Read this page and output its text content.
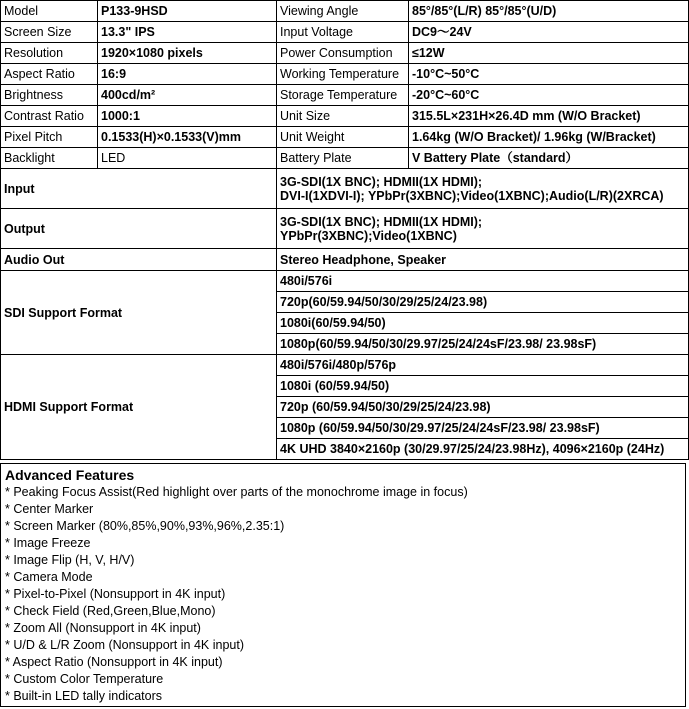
Model	P133-9HSD	Viewing Angle	85°/85°(L/R) 85°/85°(U/D)
Screen Size	13.3" IPS	Input Voltage	DC9～24V
Resolution	1920×1080 pixels	Power Consumption	≤12W
Aspect Ratio	16:9	Working Temperature	-10°C~50°C
Brightness	400cd/m²	Storage Temperature	-20°C~60°C
Contrast Ratio	1000:1	Unit Size	315.5L×231H×26.4D mm (W/O Bracket)
Pixel Pitch	0.1533(H)×0.1533(V)mm	Unit Weight	1.64kg (W/O Bracket)/ 1.96kg (W/Bracket)
Backlight	LED	Battery Plate	V Battery Plate（standard）
Input		3G-SDI(1X BNC); HDMII(1X HDMI);
DVI-I(1XDVI-I); YPbPr(3XBNC);Video(1XBNC);Audio(L/R)(2XRCA)	

Output		3G-SDI(1X BNC); HDMII(1X HDMI);
YPbPr(3XBNC);Video(1XBNC)	

Audio Out		Stereo Headphone, Speaker	
SDI Support Format		480i/576i	
		720p(60/59.94/50/30/29/25/24/23.98)	
		1080i(60/59.94/50)	
		1080p(60/59.94/50/30/29.97/25/24/24sF/23.98/ 23.98sF)	
HDMI Support Format		480i/576i/480p/576p	
		1080i (60/59.94/50)	
		720p (60/59.94/50/30/29/25/24/23.98)	
		1080p (60/59.94/50/30/29.97/25/24/24sF/23.98/ 23.98sF)	
		4K UHD 3840×2160p (30/29.97/25/24/23.98Hz), 4096×2160p (24Hz)	
Advanced Features
* Peaking Focus Assist(Red highlight over parts of the monochrome image in focus)
* Center Marker
* Screen Marker (80%,85%,90%,93%,96%,2.35:1)
* Image Freeze
* Image Flip (H, V, H/V)
* Camera Mode
* Pixel-to-Pixel (Nonsupport in 4K input)
* Check Field (Red,Green,Blue,Mono)
* Zoom All (Nonsupport in 4K input)
* U/D & L/R Zoom (Nonsupport in 4K input)
* Aspect Ratio (Nonsupport in 4K input)
* Custom Color Temperature
* Built-in LED tally indicators
